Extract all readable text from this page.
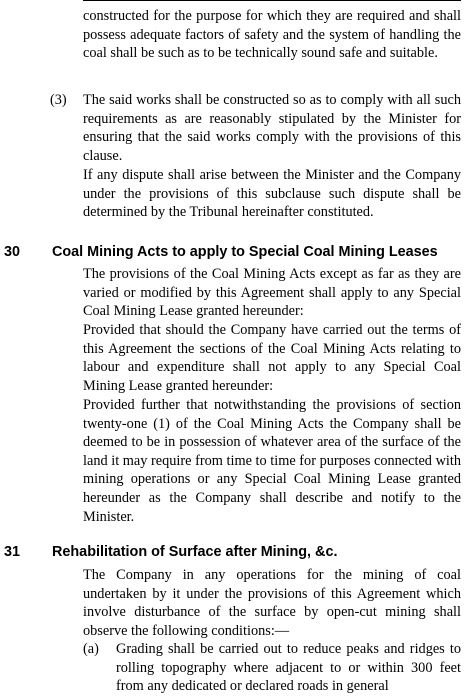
constructed for the purpose for which they are required and shall possess adequate factors of safety and the system of handling the coal shall be such as to be technically sound safe and suitable.

(3) The said works shall be constructed so as to comply with all such requirements as are reasonably stipulated by the Minister for ensuring that the said works comply with the provisions of this clause.

If any dispute shall arise between the Minister and the Company under the provisions of this subclause such dispute shall be determined by the Tribunal hereinafter constituted.

30 Coal Mining Acts to apply to Special Coal Mining Leases

The provisions of the Coal Mining Acts except as far as they are varied or modified by this Agreement shall apply to any Special Coal Mining Lease granted hereunder:

Provided that should the Company have carried out the terms of this Agreement the sections of the Coal Mining Acts relating to labour and expenditure shall not apply to any Special Coal Mining Lease granted hereunder:

Provided further that notwithstanding the provisions of section twenty-one (1) of the Coal Mining Acts the Company shall be deemed to be in possession of whatever area of the surface of the land it may require from time to time for purposes connected with mining operations or any Special Coal Mining Lease granted hereunder as the Company shall describe and notify to the Minister.

31 Rehabilitation of Surface after Mining, &c.

The Company in any operations for the mining of coal undertaken by it under the provisions of this Agreement which involve disturbance of the surface by open-cut mining shall observe the following conditions:—

(a) Grading shall be carried out to reduce peaks and ridges to rolling topography where adjacent to or within 300 feet from any dedicated or declared roads in general
